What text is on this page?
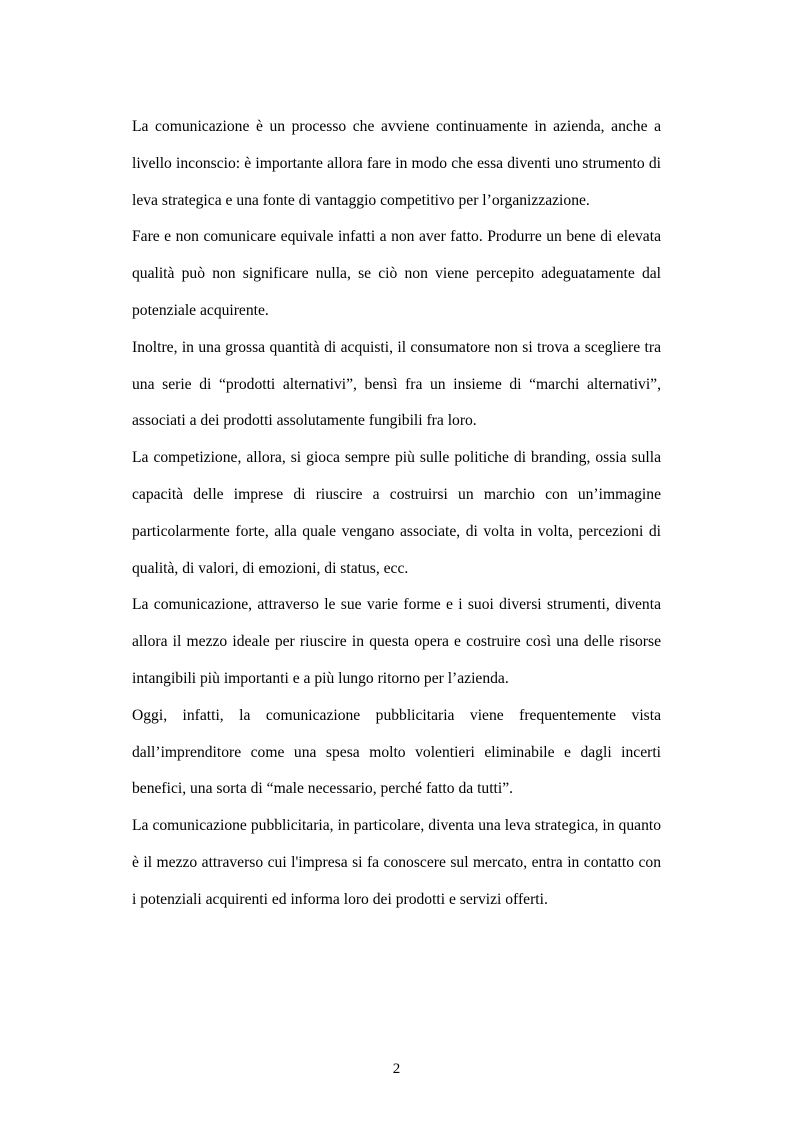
La comunicazione è un processo che avviene continuamente in azienda, anche a livello inconscio: è importante allora fare in modo che essa diventi uno strumento di leva strategica e una fonte di vantaggio competitivo per l’organizzazione.

Fare e non comunicare equivale infatti a non aver fatto. Produrre un bene di elevata qualità può non significare nulla, se ciò non viene percepito adeguatamente dal potenziale acquirente.

Inoltre, in una grossa quantità di acquisti, il consumatore non si trova a scegliere tra una serie di “prodotti alternativi”, bensì fra un insieme di “marchi alternativi”, associati a dei prodotti assolutamente fungibili fra loro.

La competizione, allora, si gioca sempre più sulle politiche di branding, ossia sulla capacità delle imprese di riuscire a costruirsi un marchio con un’immagine particolarmente forte, alla quale vengano associate, di volta in volta, percezioni di qualità, di valori, di emozioni, di status, ecc.

La comunicazione, attraverso le sue varie forme e i suoi diversi strumenti, diventa allora il mezzo ideale per riuscire in questa opera e costruire così una delle risorse intangibili più importanti e a più lungo ritorno per l’azienda.

Oggi, infatti, la comunicazione pubblicitaria viene frequentemente vista dall’imprenditore come una spesa molto volentieri eliminabile e dagli incerti benefici, una sorta di “male necessario, perché fatto da tutti”.

La comunicazione pubblicitaria, in particolare, diventa una leva strategica, in quanto è il mezzo attraverso cui l'impresa si fa conoscere sul mercato, entra in contatto con i potenziali acquirenti ed informa loro dei prodotti e servizi offerti.

2
